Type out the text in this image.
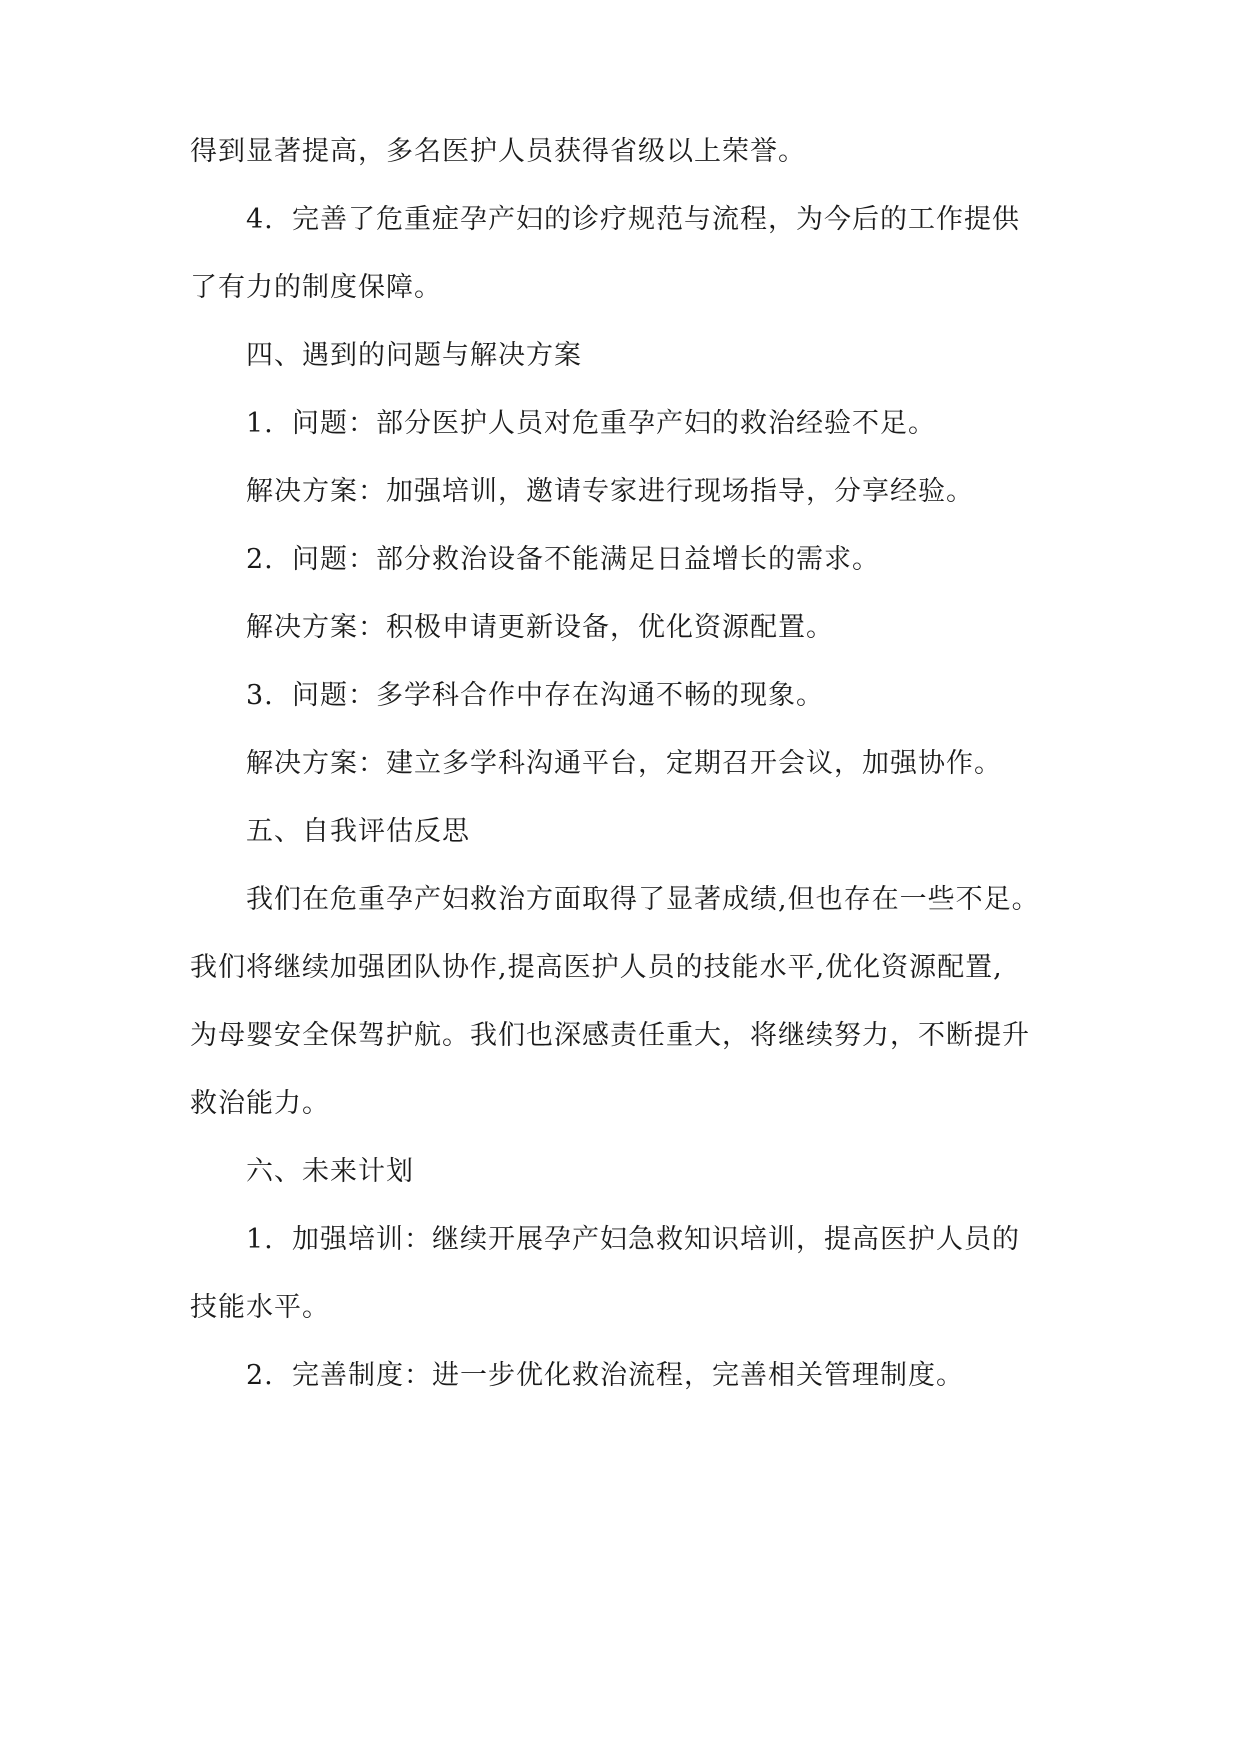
得到显著提高，多名医护人员获得省级以上荣誉。
4. 完善了危重症孕产妇的诊疗规范与流程，为今后的工作提供
了有力的制度保障。
四、遇到的问题与解决方案
1. 问题：部分医护人员对危重孕产妇的救治经验不足。
解决方案：加强培训，邀请专家进行现场指导，分享经验。
2. 问题：部分救治设备不能满足日益增长的需求。
解决方案：积极申请更新设备，优化资源配置。
3. 问题：多学科合作中存在沟通不畅的现象。
解决方案：建立多学科沟通平台，定期召开会议，加强协作。
五、自我评估反思
我们在危重孕产妇救治方面取得了显著成绩,但也存在一些不足。
我们将继续加强团队协作,提高医护人员的技能水平,优化资源配置,
为母婴安全保驾护航。我们也深感责任重大，将继续努力，不断提升
救治能力。
六、未来计划
1. 加强培训：继续开展孕产妇急救知识培训，提高医护人员的
技能水平。
2. 完善制度：进一步优化救治流程，完善相关管理制度。
